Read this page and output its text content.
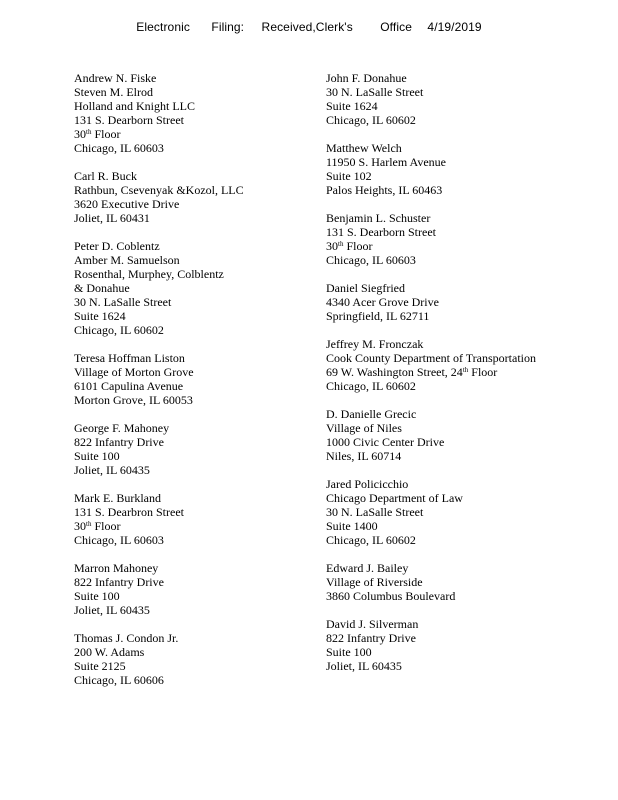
Electronic Filing: Received,Clerk's Office 4/19/2019
Andrew N. Fiske
Steven M. Elrod
Holland and Knight LLC
131 S. Dearborn Street
30th Floor
Chicago, IL 60603
Carl R. Buck
Rathbun, Csevenyak &Kozol, LLC
3620 Executive Drive
Joliet, IL 60431
Peter D. Coblentz
Amber M. Samuelson
Rosenthal, Murphey, Colblentz
& Donahue
30 N. LaSalle Street
Suite 1624
Chicago, IL 60602
Teresa Hoffman Liston
Village of Morton Grove
6101 Capulina Avenue
Morton Grove, IL 60053
George F. Mahoney
822 Infantry Drive
Suite 100
Joliet, IL 60435
Mark E. Burkland
131 S. Dearbron Street
30th Floor
Chicago, IL 60603
Marron Mahoney
822 Infantry Drive
Suite 100
Joliet, IL 60435
Thomas J. Condon Jr.
200 W. Adams
Suite 2125
Chicago, IL 60606
John F. Donahue
30 N. LaSalle Street
Suite 1624
Chicago, IL 60602
Matthew Welch
11950 S. Harlem Avenue
Suite 102
Palos Heights, IL 60463
Benjamin L. Schuster
131 S. Dearborn Street
30th Floor
Chicago, IL 60603
Daniel Siegfried
4340 Acer Grove Drive
Springfield, IL 62711
Jeffrey M. Fronczak
Cook County Department of Transportation
69 W. Washington Street, 24th Floor
Chicago, IL 60602
D. Danielle Grecic
Village of Niles
1000 Civic Center Drive
Niles, IL 60714
Jared Policicchio
Chicago Department of Law
30 N. LaSalle Street
Suite 1400
Chicago, IL 60602
Edward J. Bailey
Village of Riverside
3860 Columbus Boulevard
David J. Silverman
822 Infantry Drive
Suite 100
Joliet, IL 60435
